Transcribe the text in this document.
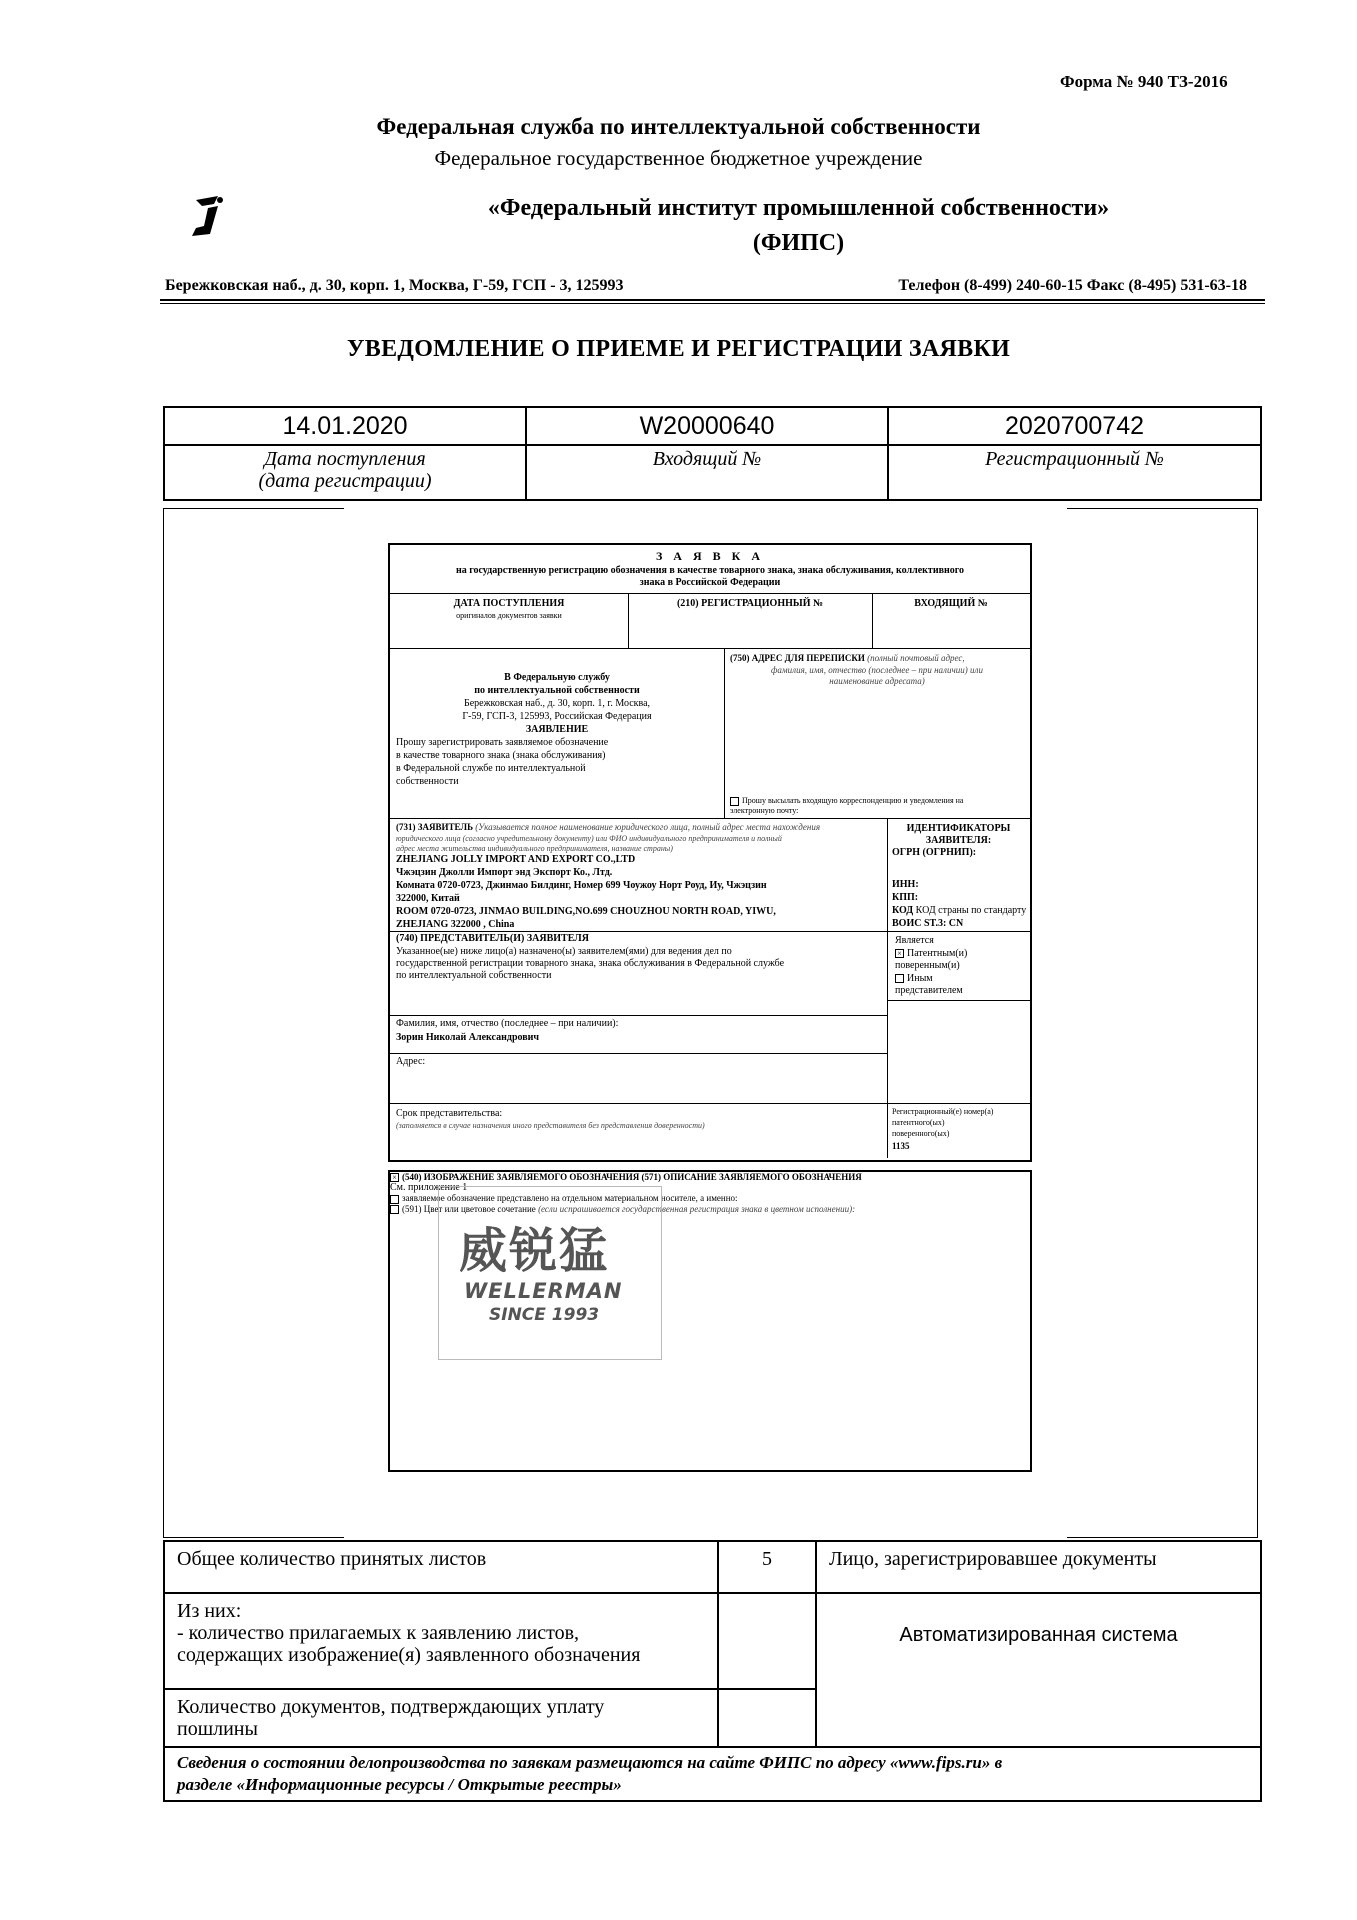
Форма № 940 ТЗ-2016
Федеральная служба по интеллектуальной собственности
Федеральное государственное бюджетное учреждение
«Федеральный институт промышленной собственности»
(ФИПС)
Бережковская наб., д. 30, корп. 1, Москва, Г-59, ГСП - 3, 125993	Телефон (8-499) 240-60-15 Факс (8-495) 531-63-18
УВЕДОМЛЕНИЕ О ПРИЕМЕ И РЕГИСТРАЦИИ ЗАЯВКИ
14.01.2020	W20000640	2020700742

Дата поступления
(дата регистрации)	Входящий №	Регистрационный №
З А Я В К А
на государственную регистрацию обозначения в качестве товарного знака, знака обслуживания, коллективного
знака в Российской Федерации
ДАТА ПОСТУПЛЕНИЯ
оригиналов документов заявки
(210) РЕГИСТРАЦИОННЫЙ №	ВХОДЯЩИЙ №
В Федеральную службу
по интеллектуальной собственности
Бережковская наб., д. 30, корп. 1, г. Москва,
Г-59, ГСП-3, 125993, Российская Федерация
ЗАЯВЛЕНИЕ
Прошу зарегистрировать заявляемое обозначение
в качестве товарного знака (знака обслуживания)
в Федеральной службе по интеллектуальной
собственности
(750) АДРЕС ДЛЯ ПЕРЕПИСКИ (полный почтовый адрес,
фамилия, имя, отчество (последнее – при наличии) или
наименование адресата)
Прошу высылать входящую корреспонденцию и уведомления на
электронную почту:
(731) ЗАЯВИТЕЛЬ (Указывается полное наименование юридического лица, полный адрес места нахождения
юридического лица (согласно учредительному документу) или ФИО индивидуального предпринимателя и полный
адрес места жительства индивидуального предпринимателя, название страны)
ZHEJIANG JOLLY IMPORT AND EXPORT CO.,LTD
Чжэцзин Джолли Импорт энд Экспорт Ко., Лтд.
Комната 0720-0723, Джинмао Билдинг, Номер 699 Чоужоу Норт Роуд, Иу, Чжэцзин
322000, Китай
ROOM 0720-0723, JINMAO BUILDING,NO.699 CHOUZHOU NORTH ROAD, YIWU,
ZHEJIANG 322000 , China
ИДЕНТИФИКАТОРЫ
ЗАЯВИТЕЛЯ:
ОГРН (ОГРНИП):
ИНН:
КПП:
КОД КОД страны по стандарту
ВОИС ST.3: CN
(740) ПРЕДСТАВИТЕЛЬ(И) ЗАЯВИТЕЛЯ
Указанное(ые) ниже лицо(а) назначено(ы) заявителем(ями) для ведения дел по
государственной регистрации товарного знака, знака обслуживания в Федеральной службе
по интеллектуальной собственности
Является
× Патентным(и)
поверенным(и)
Иным
представителем
Фамилия, имя, отчество (последнее – при наличии):
Зорин Николай Александрович
Адрес:
Срок представительства:
(заполняется в случае назначения иного представителя без представления доверенности)
Регистрационный(е) номер(а)
патентного(ых)
поверенного(ых)
1135
× (540) ИЗОБРАЖЕНИЕ ЗАЯВЛЯЕМОГО ОБОЗНАЧЕНИЯ (571) ОПИСАНИЕ ЗАЯВЛЯЕМОГО ОБОЗНАЧЕНИЯ
См. приложение 1
威锐猛
WELLERMAN
SINCE 1993
заявляемое обозначение представлено на отдельном материальном носителе, а именно:
(591) Цвет или цветовое сочетание (если испрашивается государственная регистрация знака в цветном исполнении):
Общее количество принятых листов	5	Лицо, зарегистрировавшее документы

Из них:
- количество прилагаемых к заявлению листов,
содержащих изображение(я) заявленного обозначения		Автоматизированная система

Количество документов, подтверждающих уплату
пошлины		

Сведения о состоянии делопроизводства по заявкам размещаются на сайте ФИПС по адресу «www.fips.ru» в
разделе «Информационные ресурсы / Открытые реестры»		
